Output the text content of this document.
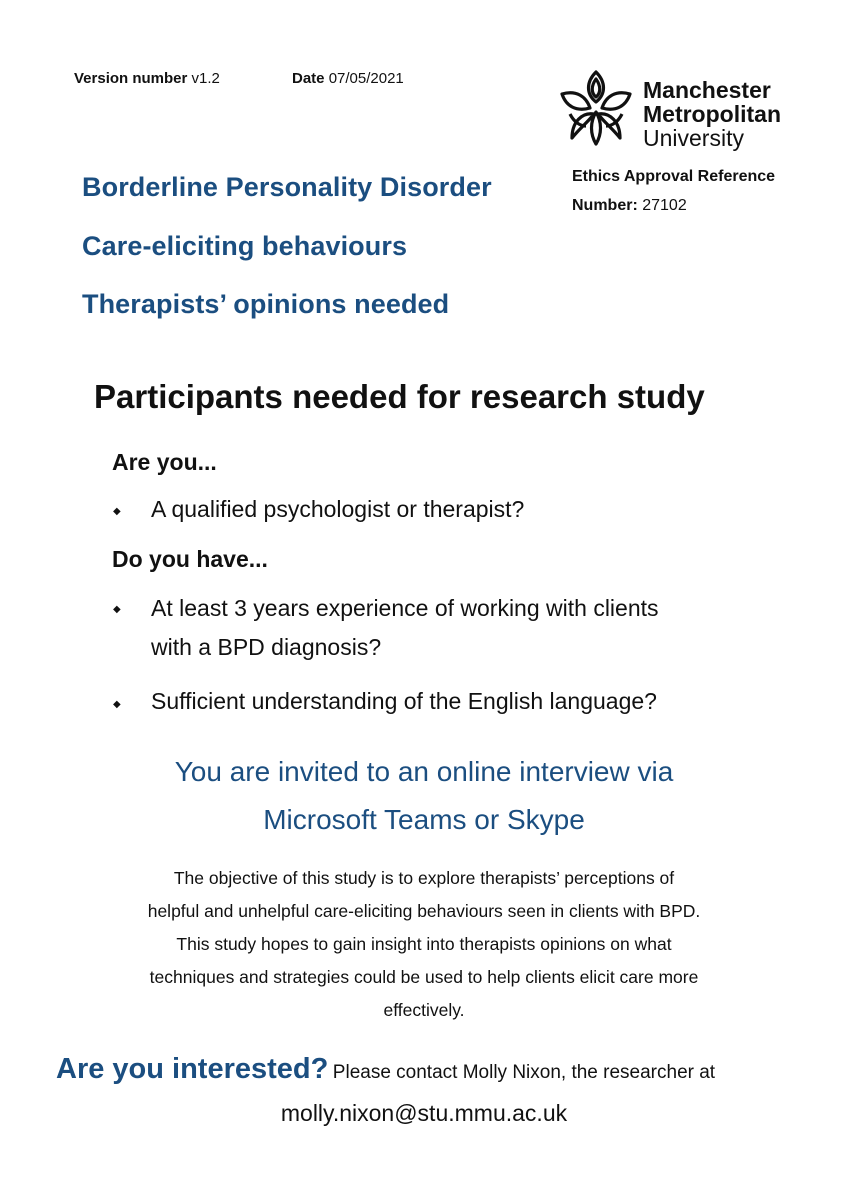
Version number v1.2	Date 07/05/2021	Manchester
Metropolitan
University
Borderline Personality Disorder
Care-eliciting behaviours
Therapists’ opinions needed
Ethics Approval Reference
Number: 27102
Participants needed for research study
Are you...
◆ A qualified psychologist or therapist?
Do you have...
◆ At least 3 years experience of working with clients
with a BPD diagnosis?
◆ Sufficient understanding of the English language?
You are invited to an online interview via
Microsoft Teams or Skype
The objective of this study is to explore therapists’ perceptions of
helpful and unhelpful care-eliciting behaviours seen in clients with BPD.
This study hopes to gain insight into therapists opinions on what
techniques and strategies could be used to help clients elicit care more
effectively.
Are you interested? Please contact Molly Nixon, the researcher at
molly.nixon@stu.mmu.ac.uk
